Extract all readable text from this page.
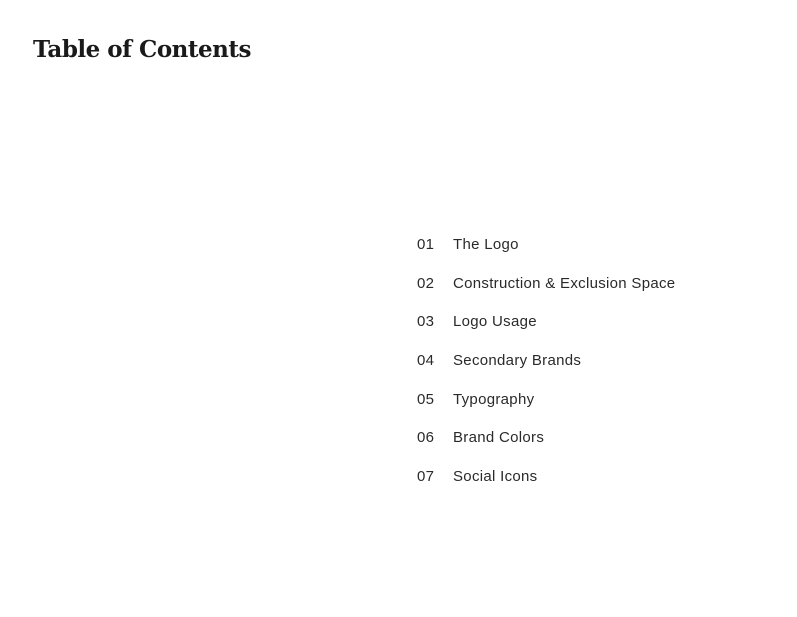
Table of Contents
01	The Logo
02	Construction & Exclusion Space
03	Logo Usage
04	Secondary Brands
05	Typography
06	Brand Colors
07	Social Icons
